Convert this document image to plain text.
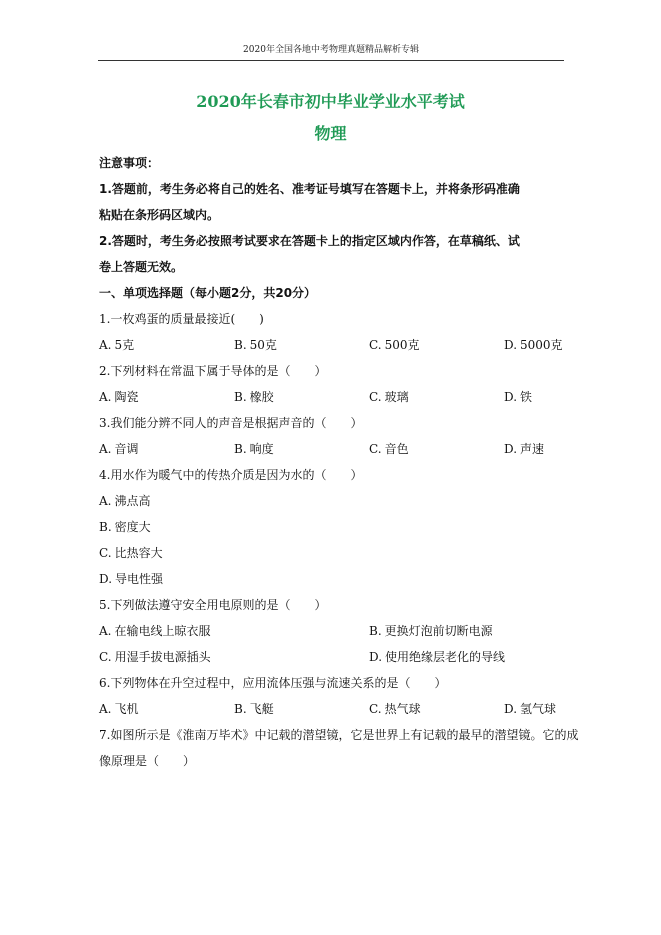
2020年全国各地中考物理真题精品解析专辑
2020年长春市初中毕业学业水平考试
物理
注意事项：
1.答题前，考生务必将自己的姓名、准考证号填写在答题卡上，并将条形码准确
粘贴在条形码区域内。
2.答题时，考生务必按照考试要求在答题卡上的指定区域内作答，在草稿纸、试
卷上答题无效。
一、单项选择题（每小题2分，共20分）
1.一枚鸡蛋的质量最接近(　　)
A. 5克	B. 50克	C. 500克	D. 5000克
2.下列材料在常温下属于导体的是（　　）
A. 陶瓷	B. 橡胶	C. 玻璃	D. 铁
3.我们能分辨不同人的声音是根据声音的（　　）
A. 音调	B. 响度	C. 音色	D. 声速
4.用水作为暖气中的传热介质是因为水的（　　）
A. 沸点高
B. 密度大
C. 比热容大
D. 导电性强
5.下列做法遵守安全用电原则的是（　　）
A. 在输电线上晾衣服	B. 更换灯泡前切断电源
C. 用湿手拔电源插头	D. 使用绝缘层老化的导线
6.下列物体在升空过程中，应用流体压强与流速关系的是（　　）
A. 飞机	B. 飞艇	C. 热气球	D. 氢气球
7.如图所示是《淮南万毕术》中记载的潜望镜，它是世界上有记载的最早的潜望镜。它的成
像原理是（　　）
